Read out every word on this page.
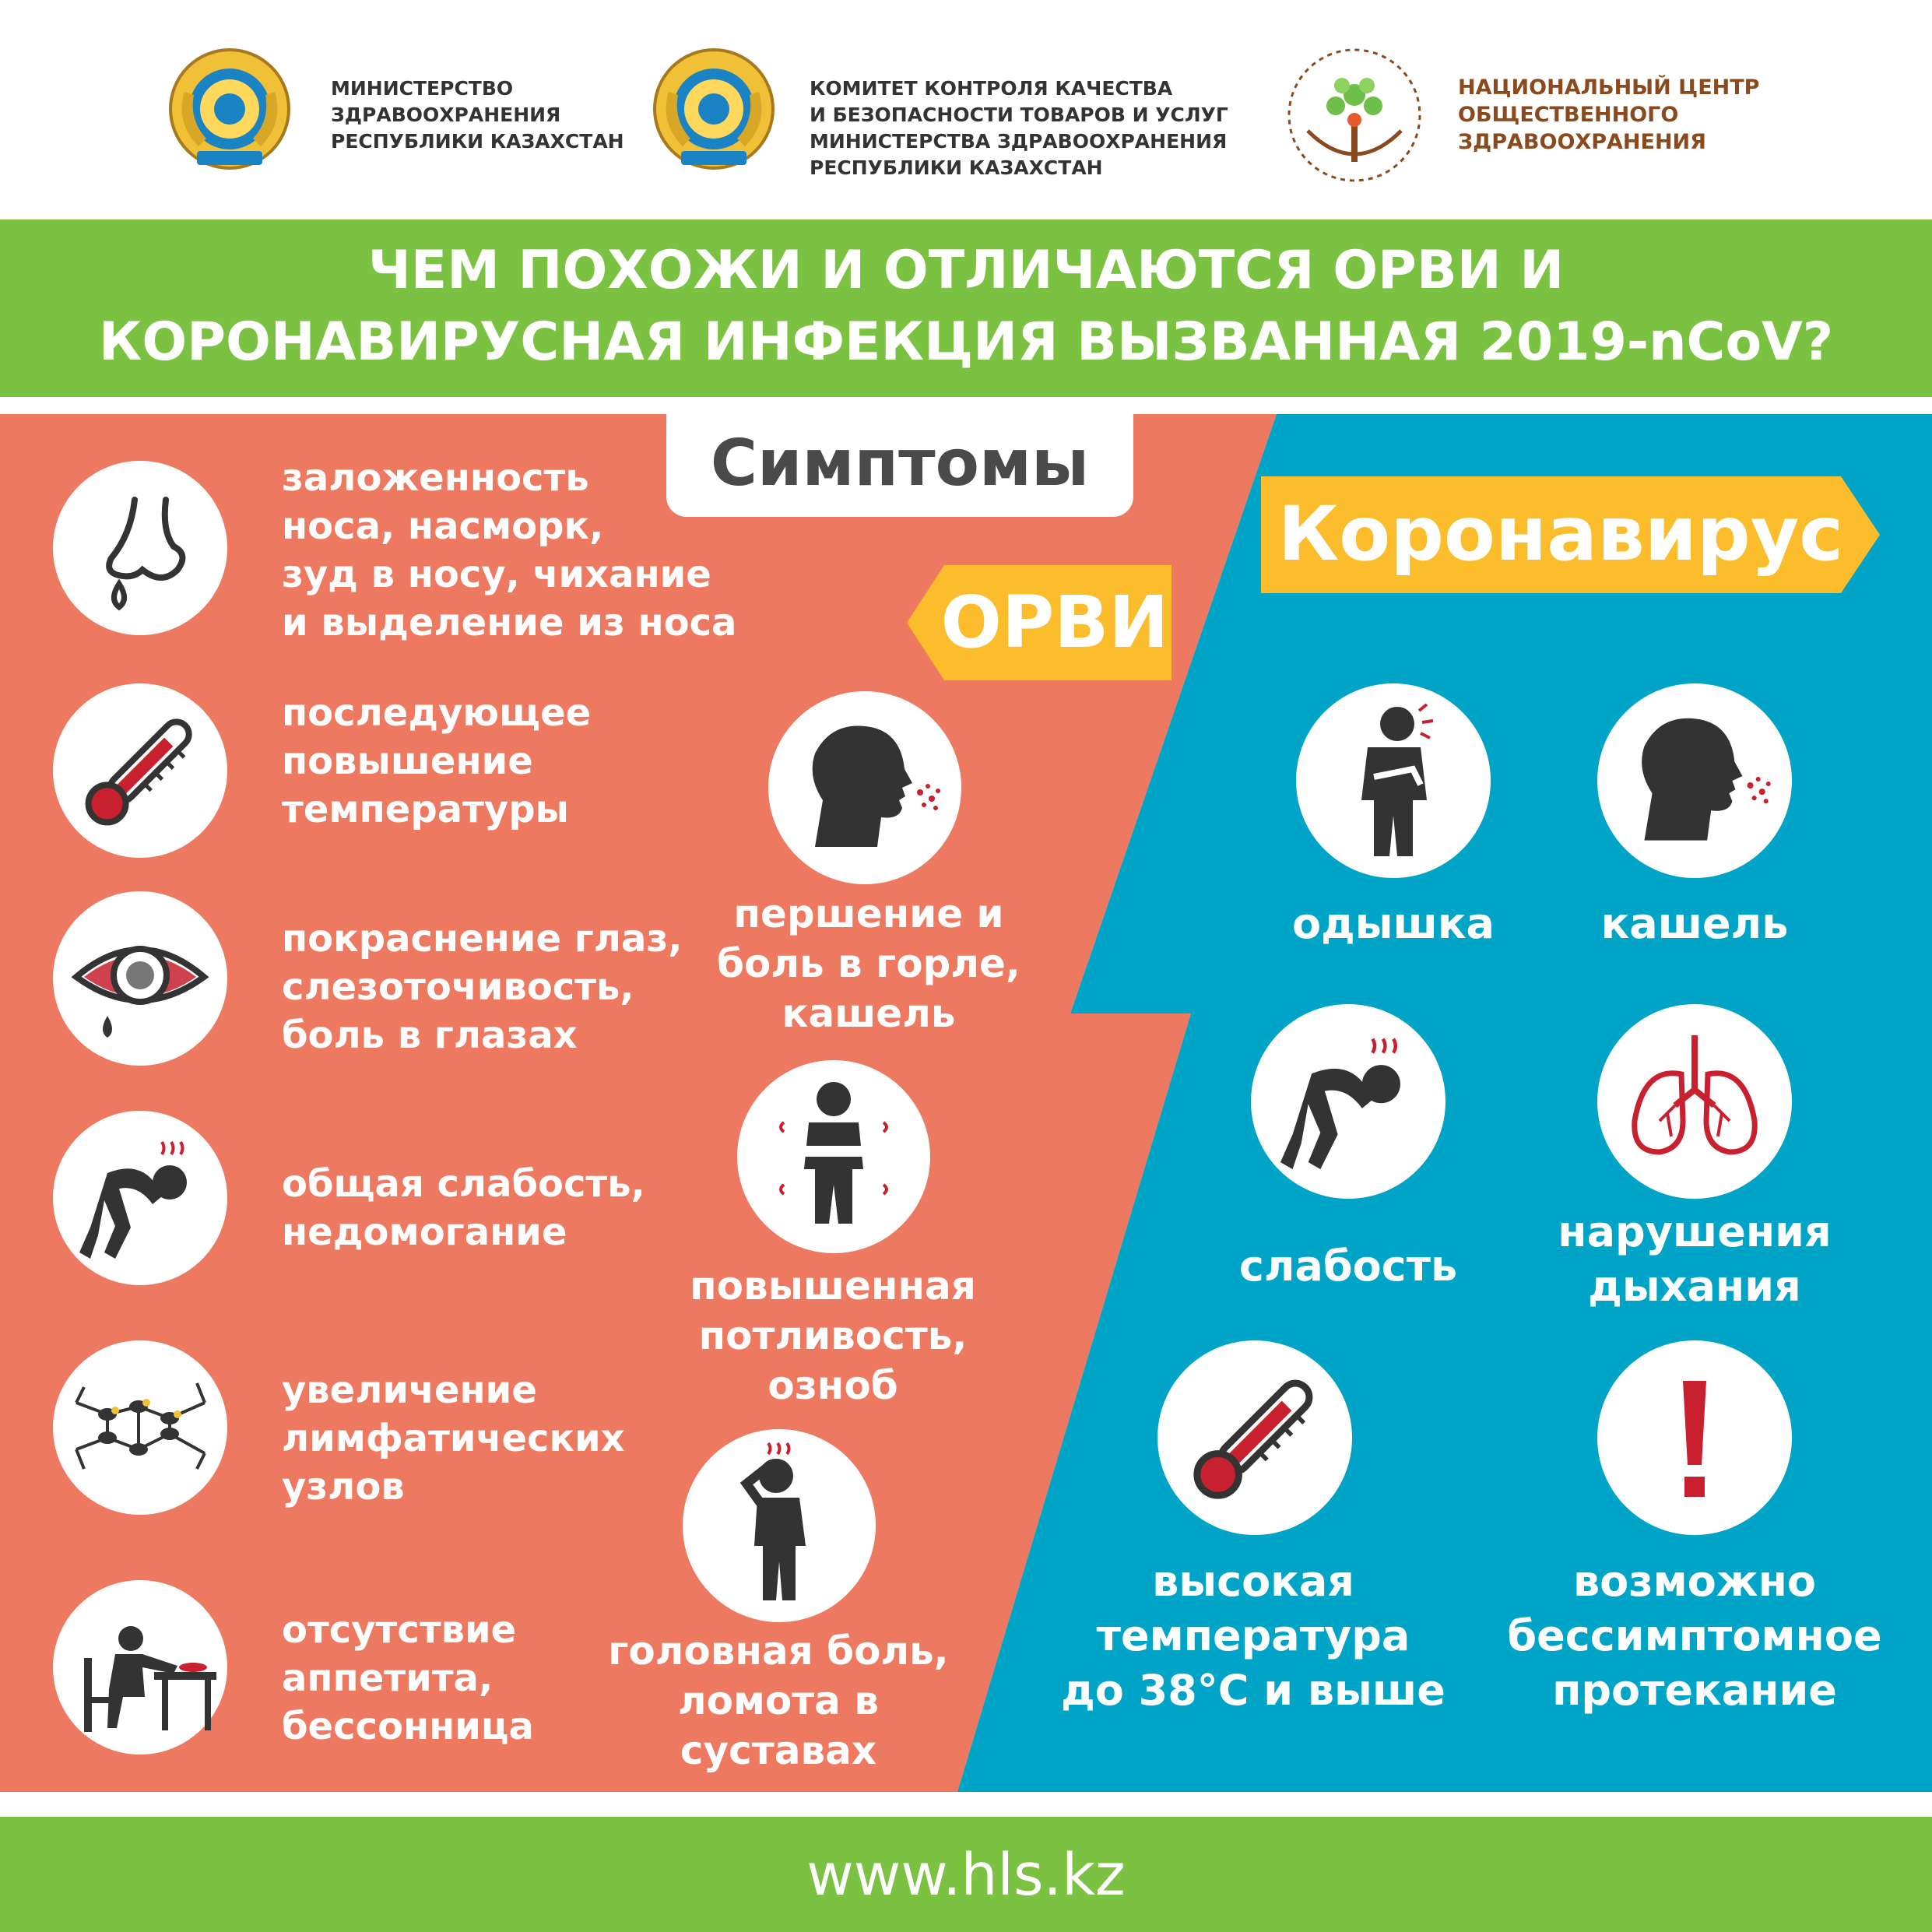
МИНИСТЕРСТВО
ЗДРАВООХРАНЕНИЯ
РЕСПУБЛИКИ КАЗАХСТАН
КОМИТЕТ КОНТРОЛЯ КАЧЕСТВА
И БЕЗОПАСНОСТИ ТОВАРОВ И УСЛУГ
МИНИСТЕРСТВА ЗДРАВООХРАНЕНИЯ
РЕСПУБЛИКИ КАЗАХСТАН
НАЦИОНАЛЬНЫЙ ЦЕНТР
ОБЩЕСТВЕННОГО
ЗДРАВООХРАНЕНИЯ
ЧЕМ ПОХОЖИ И ОТЛИЧАЮТСЯ ОРВИ И
КОРОНАВИРУСНАЯ ИНФЕКЦИЯ ВЫЗВАННАЯ 2019-nCoV?
Симптомы
ОРВИ
Коронавирус
заложенность
носа, насморк,
зуд в носу, чихание
и выделение из носа
последующее
повышение
температуры
покраснение глаз,
слезоточивость,
боль в глазах
общая слабость,
недомогание
увеличение
лимфатических
узлов
отсутствие
аппетита,
бессонница
першение и
боль в горле,
кашель
повышенная
потливость,
озноб
головная боль,
ломота в
суставах
одышка	кашель
слабость
нарушения
дыхания
высокая
температура
до 38°С и выше
возможно
бессимптомное
протекание
www.hls.kz
